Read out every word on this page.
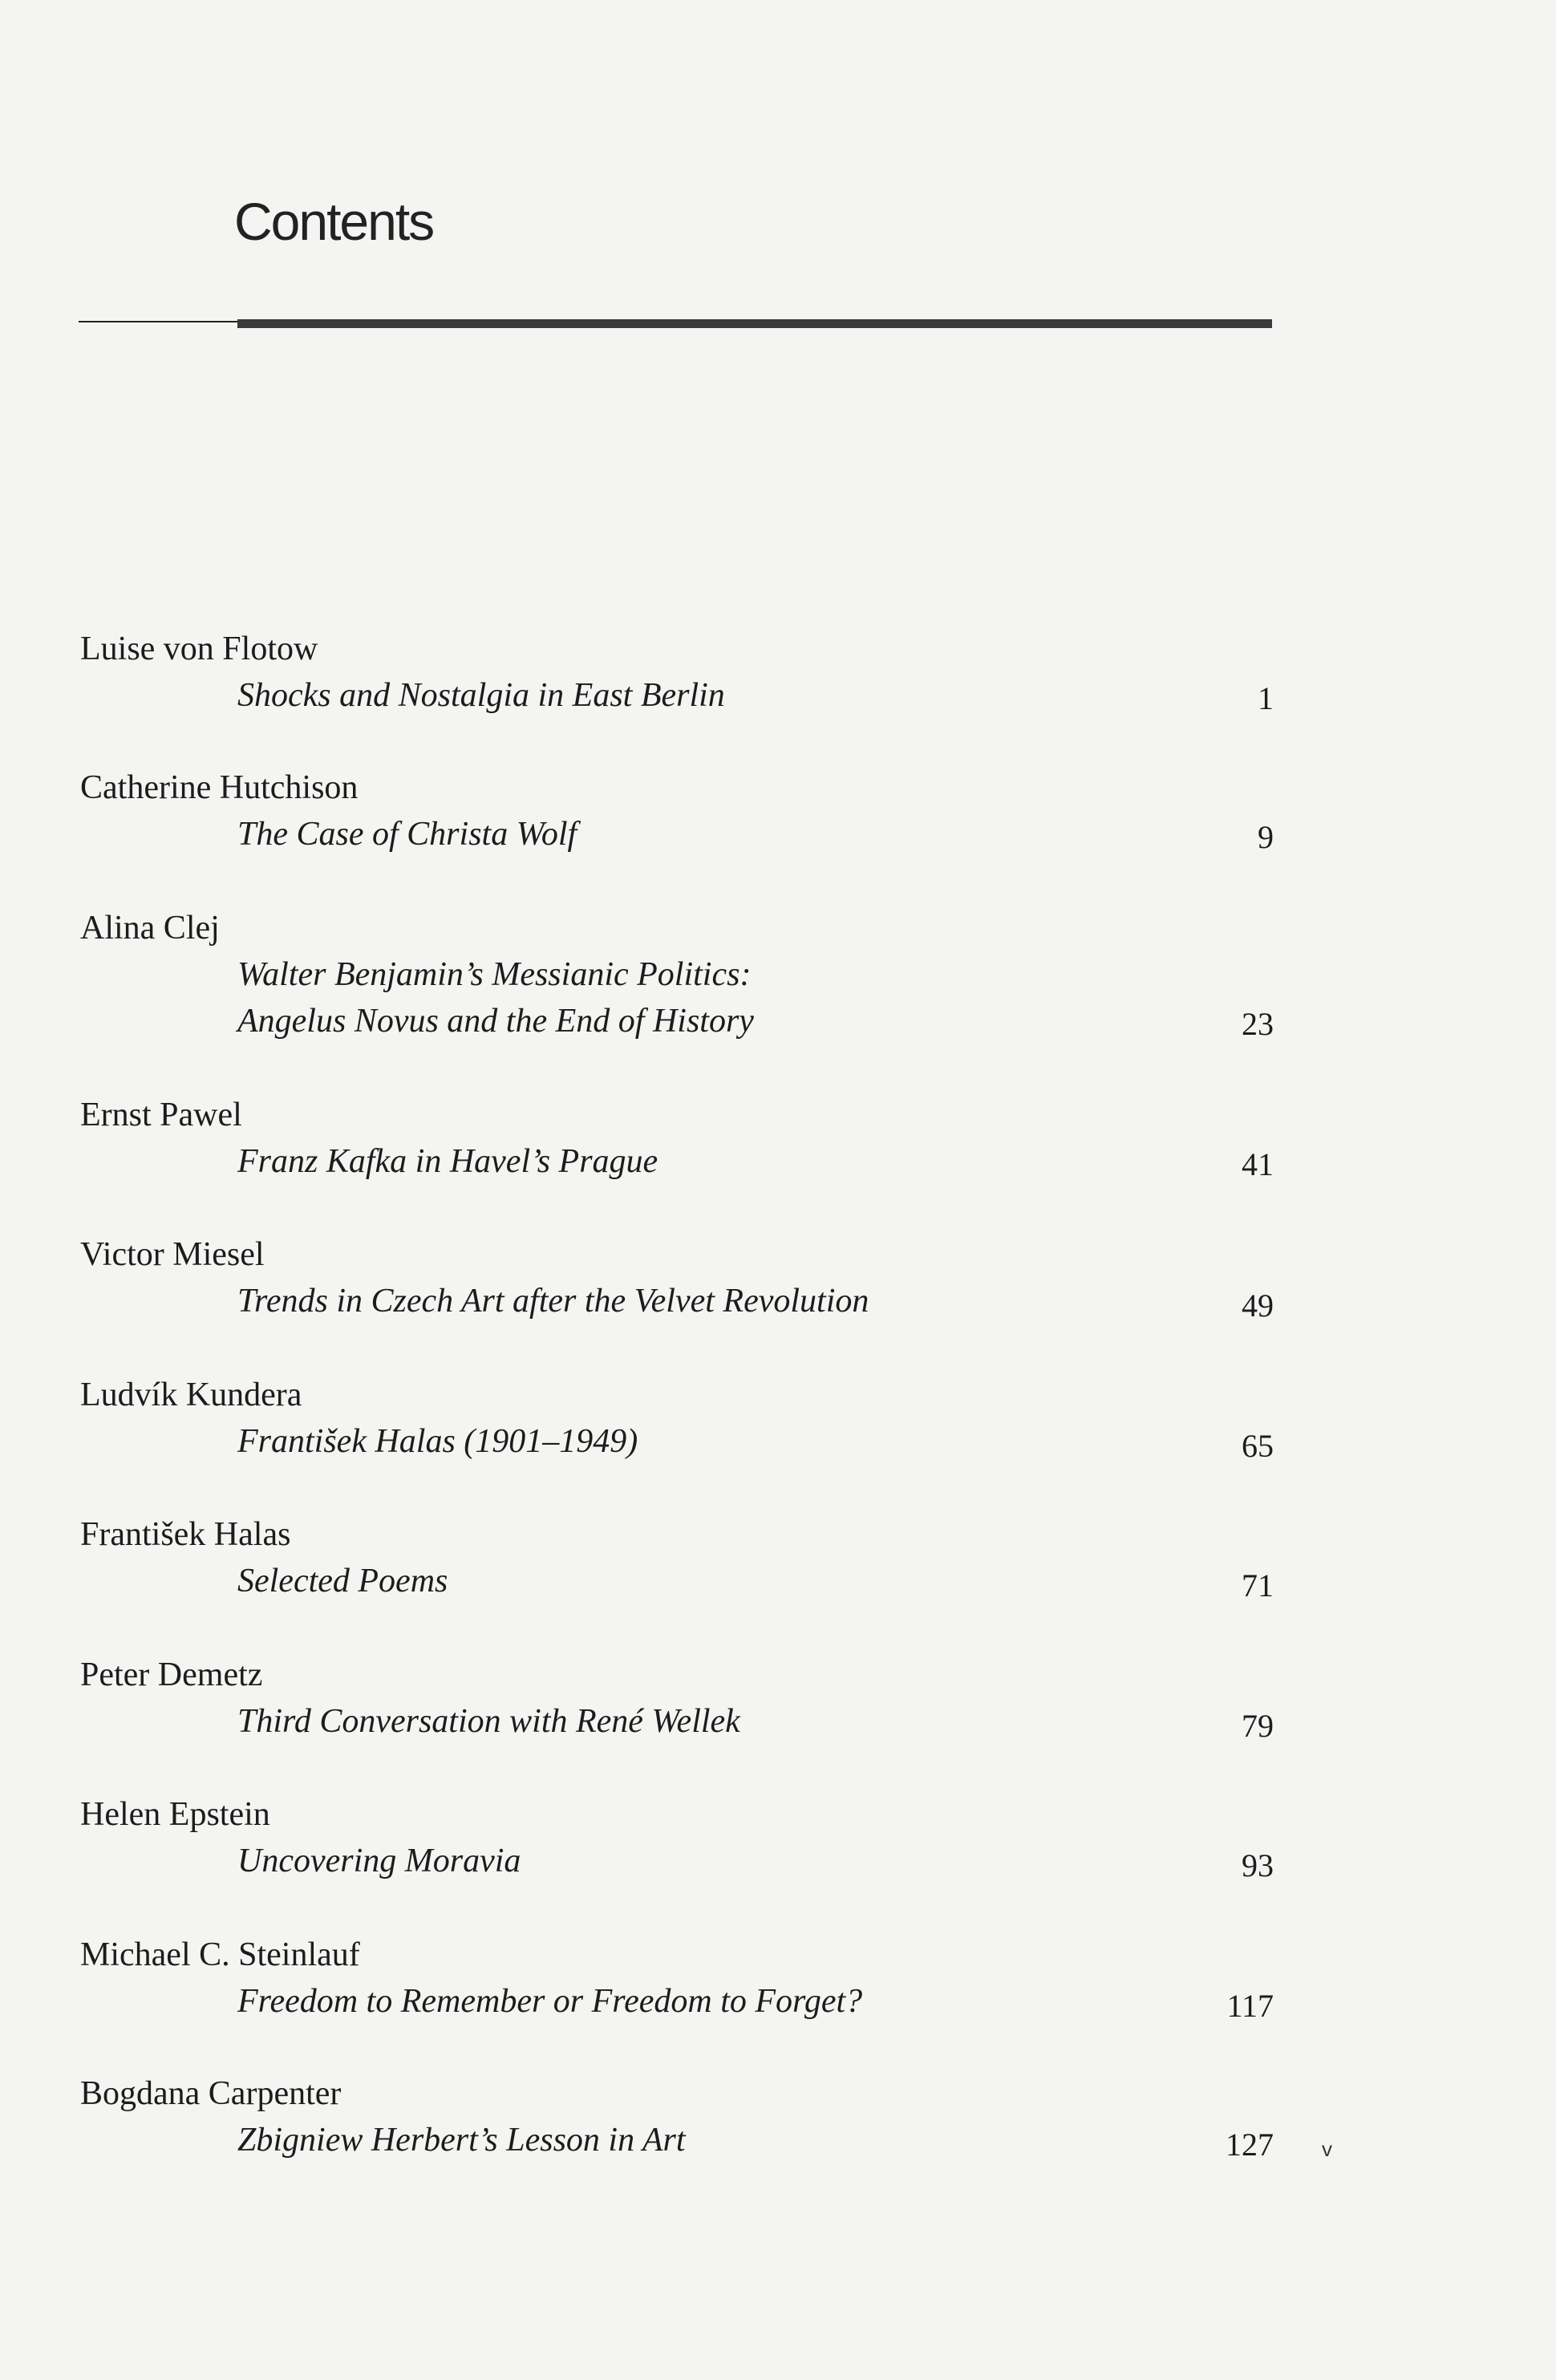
Contents

Luise von Flotow

Shocks and Nostalgia in East Berlin	1

Catherine Hutchison

The Case of Christa Wolf	9

Alina Clej

Walter Benjamin’s Messianic Politics:

Angelus Novus and the End of History	23

Ernst Pawel

Franz Kafka in Havel’s Prague	41

Victor Miesel

Trends in Czech Art after the Velvet Revolution	49

Ludvík Kundera

František Halas (1901–1949)	65

František Halas

Selected Poems	71

Peter Demetz

Third Conversation with René Wellek	79

Helen Epstein

Uncovering Moravia	93

Michael C. Steinlauf

Freedom to Remember or Freedom to Forget?	117

Bogdana Carpenter

Zbigniew Herbert’s Lesson in Art	127 v
